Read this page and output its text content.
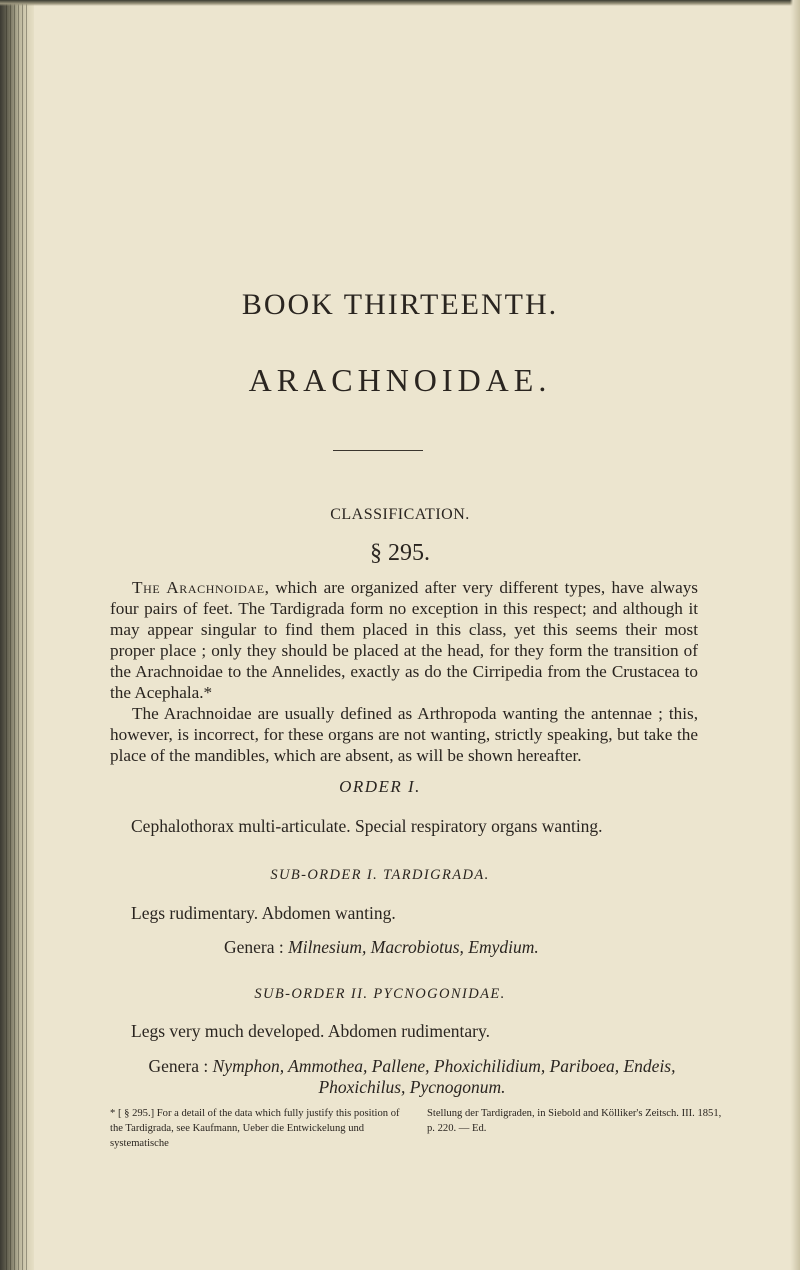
BOOK THIRTEENTH.
ARACHNOIDAE.
CLASSIFICATION.
§ 295.

The Arachnoidae, which are organized after very different types, have always four pairs of feet. The Tardigrada form no exception in this respect; and although it may appear singular to find them placed in this class, yet this seems their most proper place ; only they should be placed at the head, for they form the transition of the Arachnoidae to the Annelides, exactly as do the Cirripedia from the Crustacea to the Acephala.*

The Arachnoidae are usually defined as Arthropoda wanting the antennae ; this, however, is incorrect, for these organs are not wanting, strictly speaking, but take the place of the mandibles, which are absent, as will be shown hereafter.

ORDER I.
Cephalothorax multi-articulate. Special respiratory organs wanting.
SUB-ORDER I. TARDIGRADA.
Legs rudimentary. Abdomen wanting.
Genera : Milnesium, Macrobiotus, Emydium.
SUB-ORDER II. PYCNOGONIDAE.
Legs very much developed. Abdomen rudimentary.
Genera : Nymphon, Ammothea, Pallene, Phoxichilidium, Pariboea, Endeis, Phoxichilus, Pycnogonum.
* [ § 295.] For a detail of the data which fully justify this position of the Tardigrada, see Kaufmann, Ueber die Entwickelung und systematische
Stellung der Tardigraden, in Siebold and Kölliker's Zeitsch. III. 1851, p. 220. — Ed.
